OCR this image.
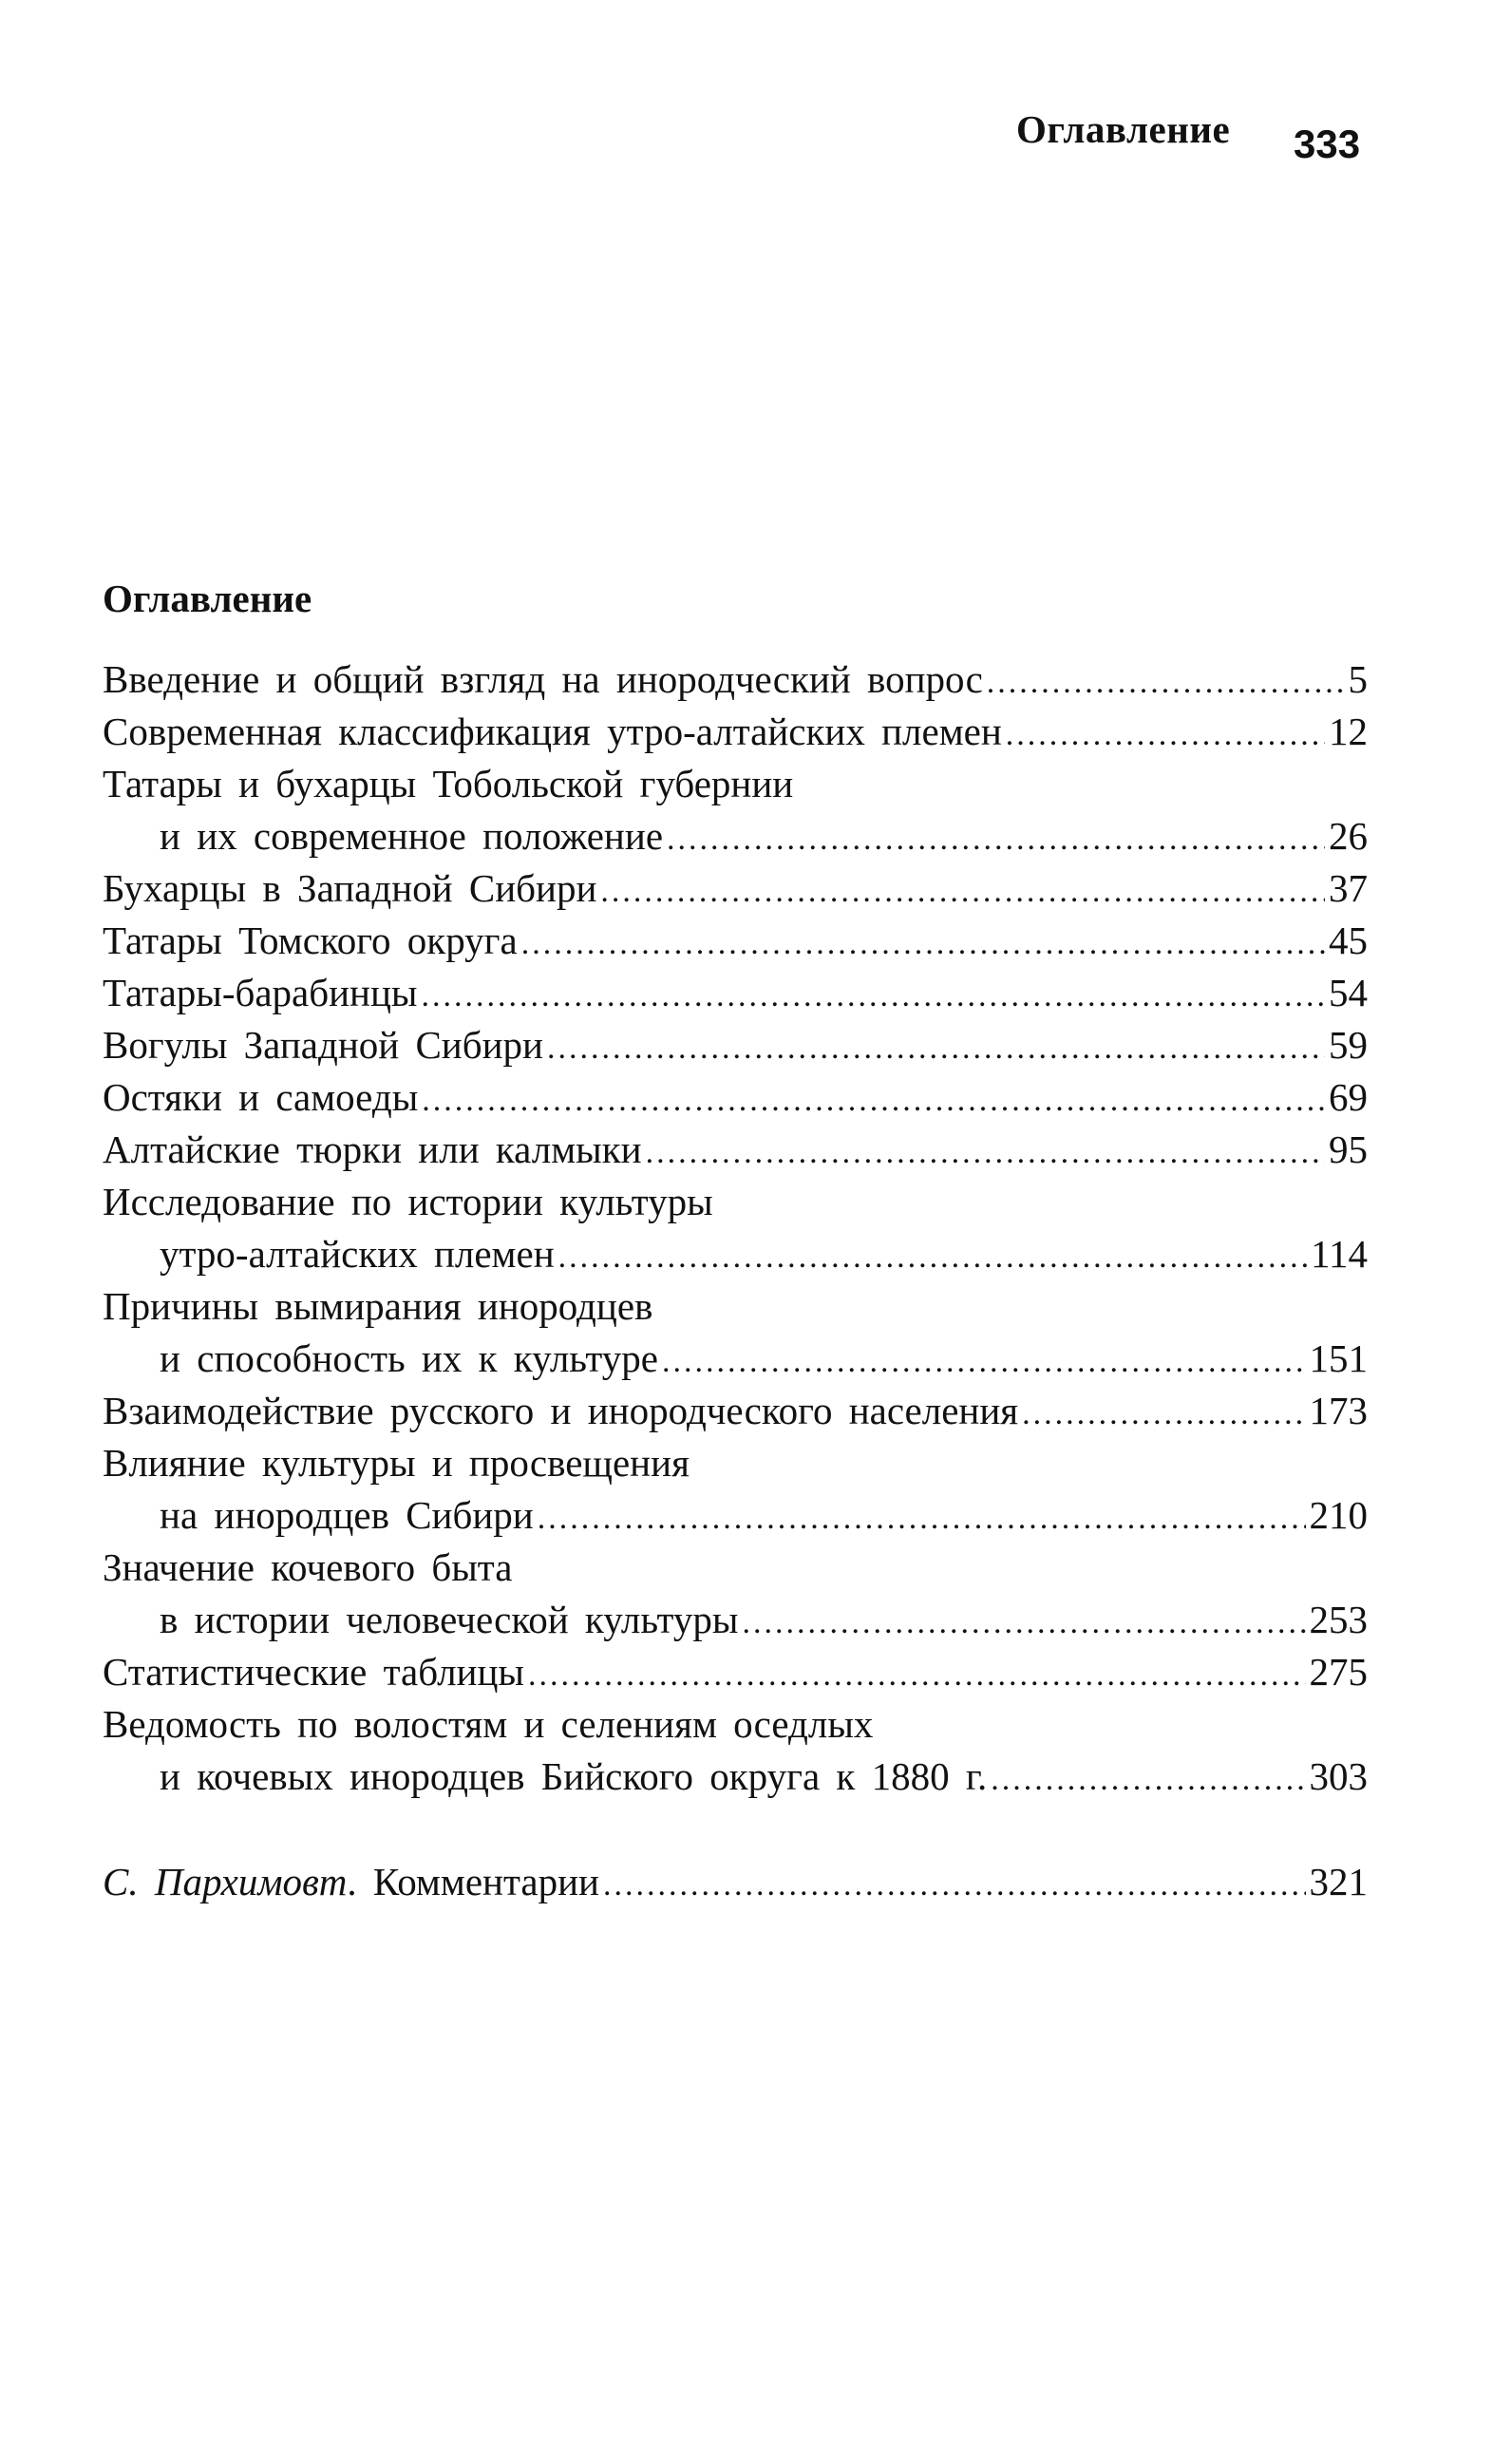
Оглавление 333
Оглавление
Введение и общий взгляд на инородческий вопрос .....	5
Современная классификация утро-алтайских племен .....	12
Татары и бухарцы Тобольской губернии
и их современное положение .....	26
Бухарцы в Западной Сибири .....	37
Татары Томского округа .....	45
Татары-барабинцы .....	54
Вогулы Западной Сибири .....	59
Остяки и самоеды .....	69
Алтайские тюрки или калмыки .....	95
Исследование по истории культуры
утро-алтайских племен .....	114
Причины вымирания инородцев
и способность их к культуре .....	151
Взаимодействие русского и инородческого населения .....	173
Влияние культуры и просвещения
на инородцев Сибири .....	210
Значение кочевого быта
в истории человеческой культуры .....	253
Статистические таблицы .....	275
Ведомость по волостям и селениям оседлых
и кочевых инородцев Бийского округа к 1880 г. .....	303
С. Пархимовт. Комментарии .....	321
